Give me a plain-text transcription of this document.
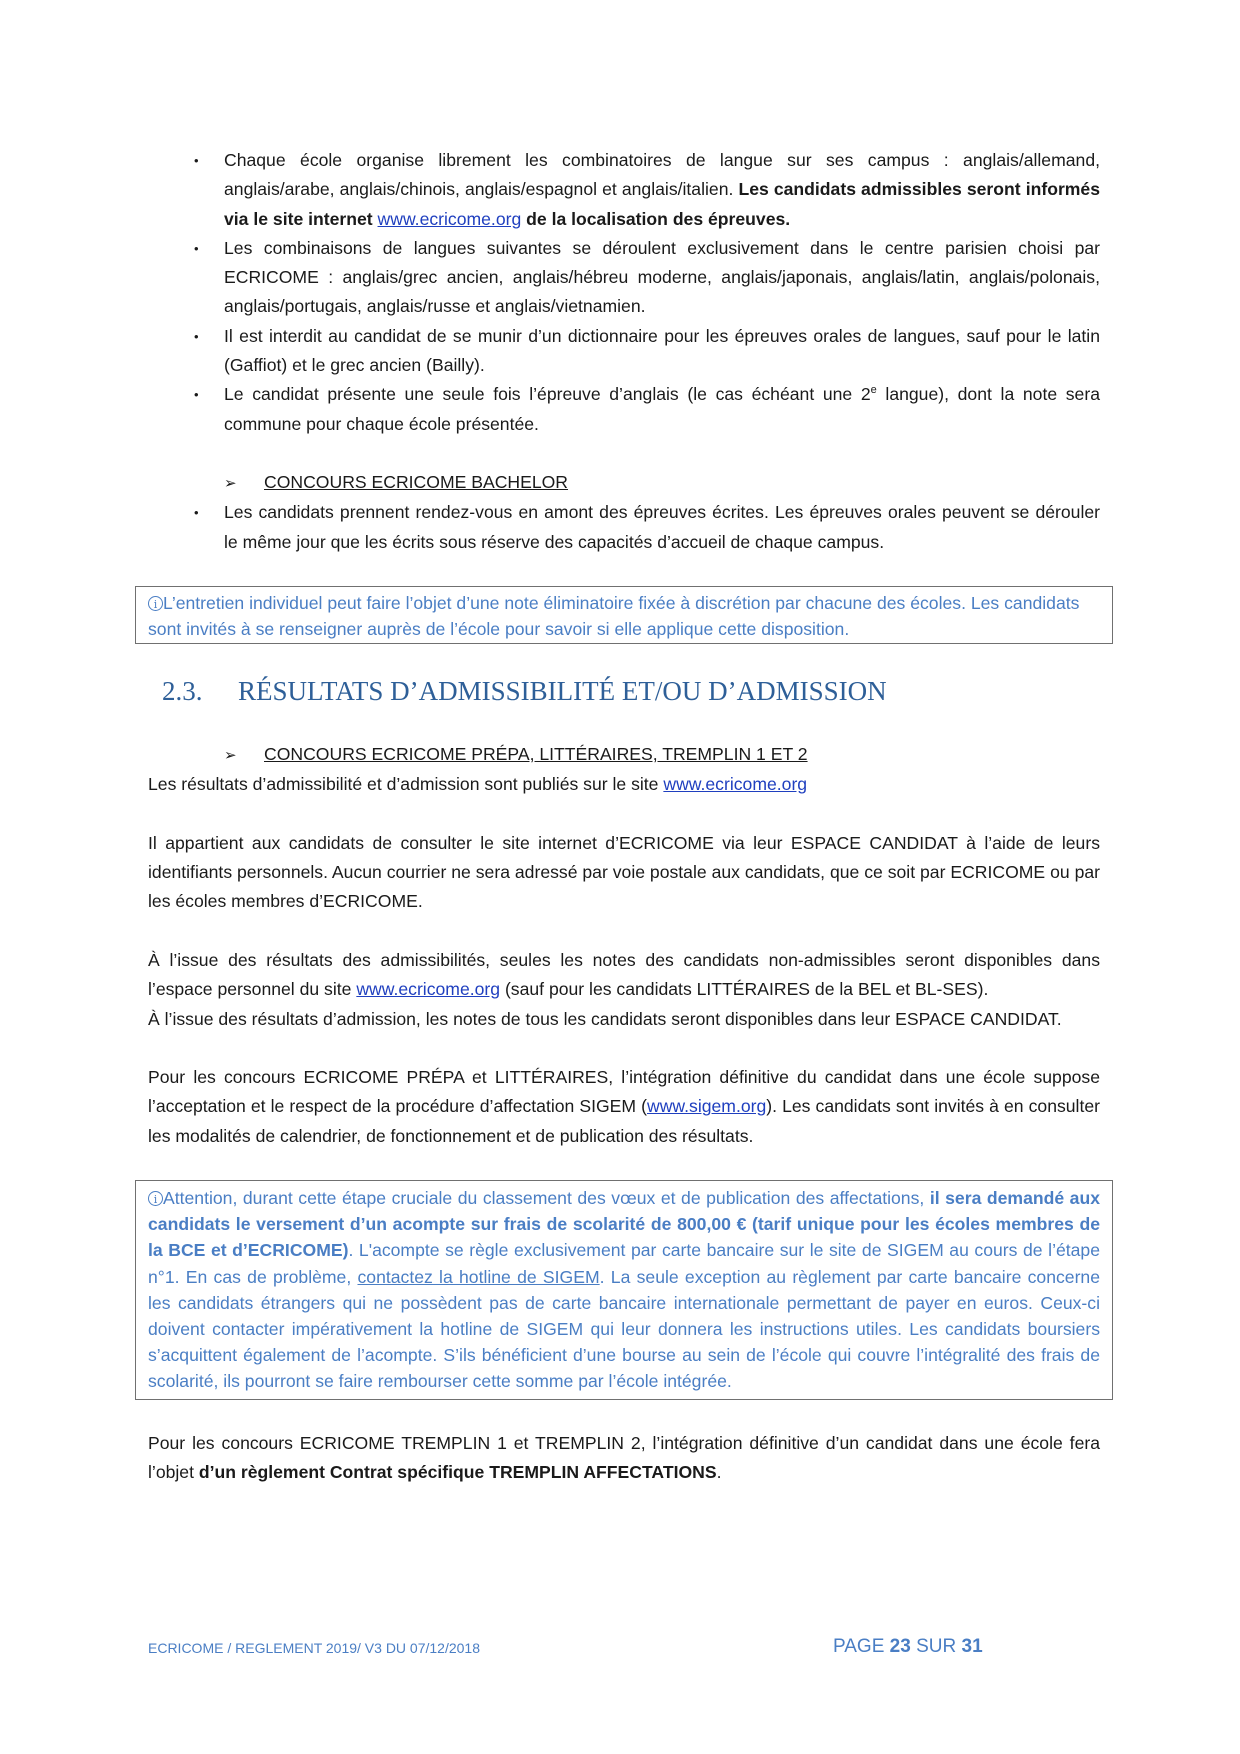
• Chaque école organise librement les combinatoires de langue sur ses campus : anglais/allemand, anglais/arabe, anglais/chinois, anglais/espagnol et anglais/italien. Les candidats admissibles seront informés via le site internet www.ecricome.org de la localisation des épreuves.
• Les combinaisons de langues suivantes se déroulent exclusivement dans le centre parisien choisi par ECRICOME : anglais/grec ancien, anglais/hébreu moderne, anglais/japonais, anglais/latin, anglais/polonais, anglais/portugais, anglais/russe et anglais/vietnamien.
• Il est interdit au candidat de se munir d’un dictionnaire pour les épreuves orales de langues, sauf pour le latin (Gaffiot) et le grec ancien (Bailly).
• Le candidat présente une seule fois l’épreuve d’anglais (le cas échéant une 2e langue), dont la note sera commune pour chaque école présentée.
➢ CONCOURS ECRICOME BACHELOR
• Les candidats prennent rendez-vous en amont des épreuves écrites. Les épreuves orales peuvent se dérouler le même jour que les écrits sous réserve des capacités d’accueil de chaque campus.
i L’entretien individuel peut faire l’objet d’une note éliminatoire fixée à discrétion par chacune des écoles. Les candidats sont invités à se renseigner auprès de l’école pour savoir si elle applique cette disposition.
2.3. RÉSULTATS D’ADMISSIBILITÉ ET/OU D’ADMISSION
➢ CONCOURS ECRICOME PRÉPA, LITTÉRAIRES, TREMPLIN 1 ET 2

Les résultats d’admissibilité et d’admission sont publiés sur le site www.ecricome.org

Il appartient aux candidats de consulter le site internet d’ECRICOME via leur ESPACE CANDIDAT à l’aide de leurs identifiants personnels. Aucun courrier ne sera adressé par voie postale aux candidats, que ce soit par ECRICOME ou par les écoles membres d’ECRICOME.

À l’issue des résultats des admissibilités, seules les notes des candidats non-admissibles seront disponibles dans l’espace personnel du site www.ecricome.org (sauf pour les candidats LITTÉRAIRES de la BEL et BL-SES).

À l’issue des résultats d’admission, les notes de tous les candidats seront disponibles dans leur ESPACE CANDIDAT.

Pour les concours ECRICOME PRÉPA et LITTÉRAIRES, l’intégration définitive du candidat dans une école suppose l’acceptation et le respect de la procédure d’affectation SIGEM (www.sigem.org). Les candidats sont invités à en consulter les modalités de calendrier, de fonctionnement et de publication des résultats.

i Attention, durant cette étape cruciale du classement des vœux et de publication des affectations, il sera demandé aux candidats le versement d’un acompte sur frais de scolarité de 800,00 € (tarif unique pour les écoles membres de la BCE et d’ECRICOME). L'acompte se règle exclusivement par carte bancaire sur le site de SIGEM au cours de l’étape n°1. En cas de problème, contactez la hotline de SIGEM. La seule exception au règlement par carte bancaire concerne les candidats étrangers qui ne possèdent pas de carte bancaire internationale permettant de payer en euros. Ceux-ci doivent contacter impérativement la hotline de SIGEM qui leur donnera les instructions utiles. Les candidats boursiers s’acquittent également de l’acompte. S’ils bénéficient d’une bourse au sein de l’école qui couvre l’intégralité des frais de scolarité, ils pourront se faire rembourser cette somme par l’école intégrée.

Pour les concours ECRICOME TREMPLIN 1 et TREMPLIN 2, l’intégration définitive d’un candidat dans une école fera l’objet d’un règlement Contrat spécifique TREMPLIN AFFECTATIONS.

ECRICOME / REGLEMENT 2019/ V3 DU 07/12/2018	PAGE 23 SUR 31
